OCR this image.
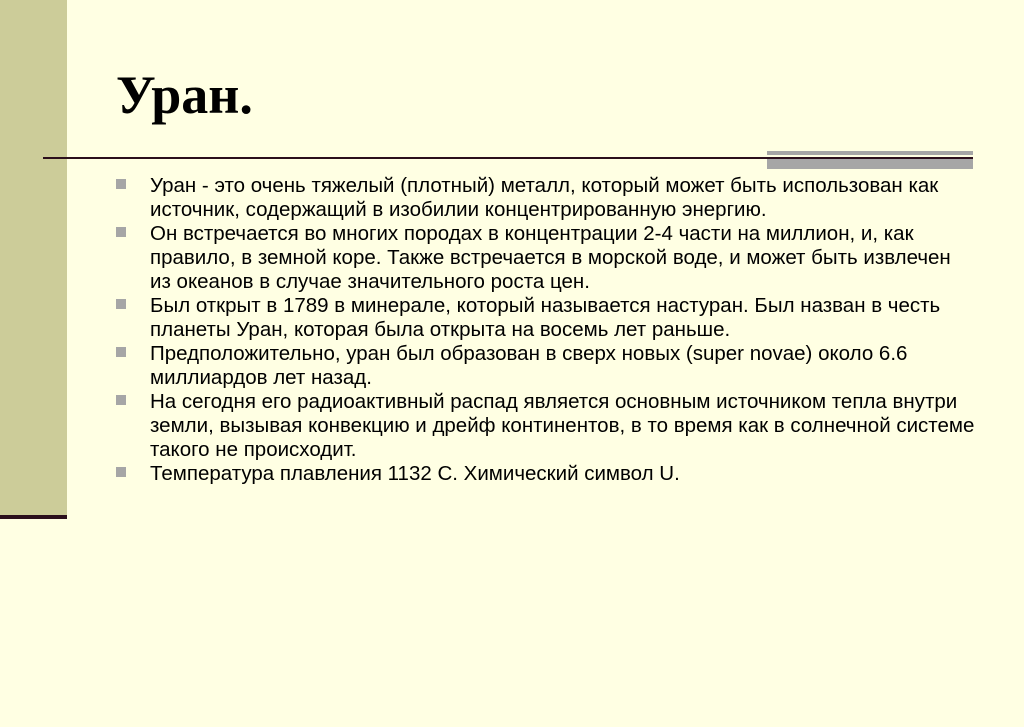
Уран.
Уран - это очень тяжелый (плотный) металл, который может быть использован как источник, содержащий в изобилии концентрированную энергию.
Он встречается во многих породах в концентрации 2-4 части на миллион, и, как правило, в земной коре. Также встречается в морской воде, и может быть извлечен из океанов в случае значительного роста цен.
Был открыт в 1789 в минерале, который называется настуран. Был назван в честь планеты Уран, которая была открыта на восемь лет раньше.
Предположительно, уран был образован в сверх новых (super novae) около 6.6 миллиардов лет назад.
На сегодня его радиоактивный распад является основным источником тепла внутри земли, вызывая конвекцию и дрейф континентов, в то время как в солнечной системе такого не происходит.
Температура плавления 1132 С. Химический символ U.
